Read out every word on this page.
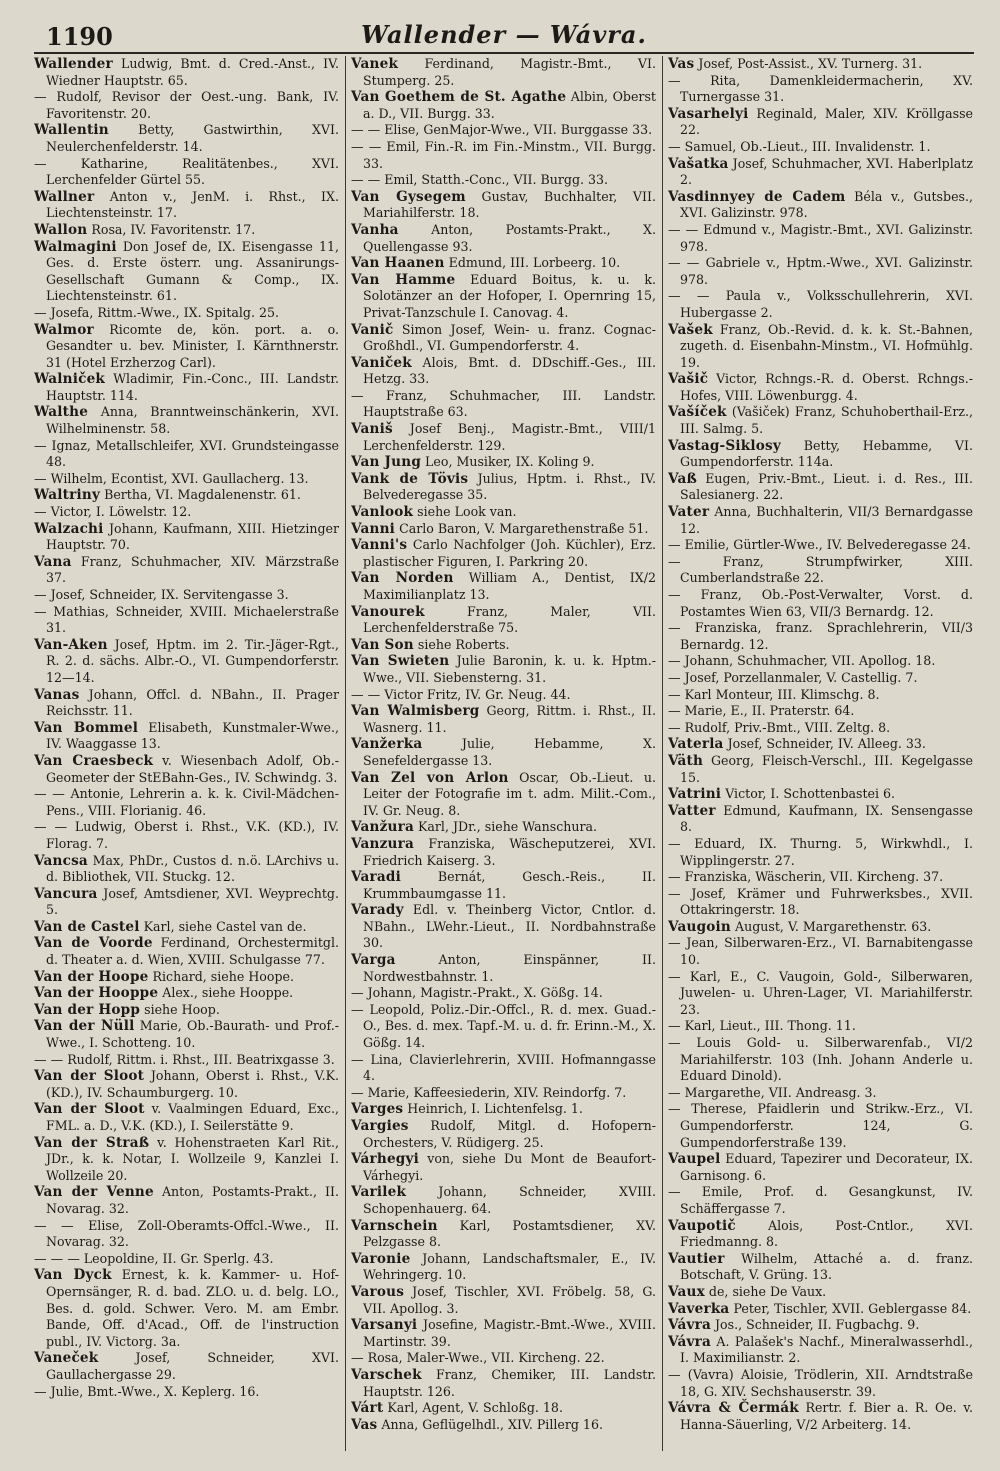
1190	Wallender — Wávra.

Wallender Ludwig, Bmt. d. Cred.-Anst., IV. Wiedner Hauptstr. 65.

— Rudolf, Revisor der Oest.-ung. Bank, IV. Favoritenstr. 20.

Wallentin Betty, Gastwirthin, XVI. Neulerchenfelderstr. 14.

— Katharine, Realitätenbes., XVI. Lerchenfelder Gürtel 55.

Wallner Anton v., JenM. i. Rhst., IX. Liechtensteinstr. 17.

Wallon Rosa, IV. Favoritenstr. 17.

Walmagini Don Josef de, IX. Eisengasse 11, Ges. d. Erste österr. ung. Assanirungs-Gesellschaft Gumann & Comp., IX. Liechtensteinstr. 61.

— Josefa, Rittm.-Wwe., IX. Spitalg. 25.

Walmor Ricomte de, kön. port. a. o. Gesandter u. bev. Minister, I. Kärnthnerstr. 31 (Hotel Erzherzog Carl).

Walniček Wladimir, Fin.-Conc., III. Landstr. Hauptstr. 114.

Walthe Anna, Branntweinschänkerin, XVI. Wilhelminenstr. 58.

— Ignaz, Metallschleifer, XVI. Grundsteingasse 48.

— Wilhelm, Econtist, XVI. Gaullacherg. 13.

Waltriny Bertha, VI. Magdalenenstr. 61.

— Victor, I. Löwelstr. 12.

Walzachi Johann, Kaufmann, XIII. Hietzinger Hauptstr. 70.

Vana Franz, Schuhmacher, XIV. Märzstraße 37.

— Josef, Schneider, IX. Servitengasse 3.

— Mathias, Schneider, XVIII. Michaelerstraße 31.

Van-Aken Josef, Hptm. im 2. Tir.-Jäger-Rgt., R. 2. d. sächs. Albr.-O., VI. Gumpendorferstr. 12—14.

Vanas Johann, Offcl. d. NBahn., II. Prager Reichsstr. 11.

Van Bommel Elisabeth, Kunstmaler-Wwe., IV. Waaggasse 13.

Van Craesbeck v. Wiesenbach Adolf, Ob.-Geometer der StEBahn-Ges., IV. Schwindg. 3.

— — Antonie, Lehrerin a. k. k. Civil-Mädchen-Pens., VIII. Florianig. 46.

— — Ludwig, Oberst i. Rhst., V.K. (KD.), IV. Florag. 7.

Vancsa Max, PhDr., Custos d. n.ö. LArchivs u. d. Bibliothek, VII. Stuckg. 12.

Vancura Josef, Amtsdiener, XVI. Weyprechtg. 5.

Van de Castel Karl, siehe Castel van de.

Van de Voorde Ferdinand, Orchestermitgl. d. Theater a. d. Wien, XVIII. Schulgasse 77.

Van der Hoope Richard, siehe Hoope.

Van der Hooppe Alex., siehe Hooppe.

Van der Hopp siehe Hoop.

Van der Nüll Marie, Ob.-Baurath- und Prof.-Wwe., I. Schotteng. 10.

— — Rudolf, Rittm. i. Rhst., III. Beatrixgasse 3.

Van der Sloot Johann, Oberst i. Rhst., V.K. (KD.), IV. Schaumburgerg. 10.

Van der Sloot v. Vaalmingen Eduard, Exc., FML. a. D., V.K. (KD.), I. Seilerstätte 9.

Van der Straß v. Hohenstraeten Karl Rit., JDr., k. k. Notar, I. Wollzeile 9, Kanzlei I. Wollzeile 20.

Van der Venne Anton, Postamts-Prakt., II. Novarag. 32.

— — Elise, Zoll-Oberamts-Offcl.-Wwe., II. Novarag. 32.

— — — Leopoldine, II. Gr. Sperlg. 43.

Van Dyck Ernest, k. k. Kammer- u. Hof-Opernsänger, R. d. bad. ZLO. u. d. belg. LO., Bes. d. gold. Schwer. Vero. M. am Embr. Bande, Off. d'Acad., Off. de l'instruction publ., IV. Victorg. 3a.

Vaneček	Josef, Schneider, XVI. Gaullachergasse 29.

— Julie, Bmt.-Wwe., X. Keplerg. 16.

Vanek Ferdinand, Magistr.-Bmt., VI. Stumperg. 25.

Van Goethem de St. Agathe Albin, Oberst a. D., VII. Burgg. 33.

— — Elise, GenMajor-Wwe., VII. Burggasse 33.

— — Emil, Fin.-R. im Fin.-Minstm., VII. Burgg. 33.

— — Emil, Statth.-Conc., VII. Burgg. 33.

Van Gysegem Gustav, Buchhalter, VII. Mariahilferstr. 18.

Vanha	Anton, Postamts-Prakt., X. Quellengasse 93.

Van Haanen Edmund, III. Lorbeerg. 10.

Van Hamme Eduard Boitus, k. u. k. Solotänzer an der Hofoper, I. Opernring 15, Privat-Tanzschule I. Canovag. 4.

Vanič Simon Josef, Wein- u. franz. Cognac-Großhdl., VI. Gumpendorferstr. 4.

Vaniček Alois, Bmt. d. DDschiff.-Ges., III. Hetzg. 33.

— Franz, Schuhmacher, III. Landstr. Hauptstraße 63.

Vaniš Josef Benj., Magistr.-Bmt., VIII/1 Lerchenfelderstr. 129.

Van Jung Leo, Musiker, IX. Koling 9.

Vank de Tövis Julius, Hptm. i. Rhst., IV. Belvederegasse 35.

Vanlook siehe Look van.

Vanni Carlo Baron, V. Margarethenstraße 51.

Vanni's Carlo Nachfolger (Joh. Küchler), Erz. plastischer Figuren, I. Parkring 20.

Van Norden William A., Dentist, IX/2 Maximilianplatz 13.

Vanourek	Franz, Maler, VII. Lerchenfelderstraße 75.

Van Son siehe Roberts.

Van Swieten Julie Baronin, k. u. k. Hptm.-Wwe., VII. Siebensterng. 31.

— — Victor Fritz, IV. Gr. Neug. 44.

Van Walmisberg Georg, Rittm. i. Rhst., II. Wasnerg. 11.

Vanžerka	Julie, Hebamme, X. Senefeldergasse 13.

Van Zel von Arlon Oscar, Ob.-Lieut. u. Leiter der Fotografie im t. adm. Milit.-Com., IV. Gr. Neug. 8.

Vanžura Karl, JDr., siehe Wanschura.

Vanzura Franziska, Wäscheputzerei, XVI. Friedrich Kaiserg. 3.

Varadi	Bernát, Gesch.-Reis., II. Krummbaumgasse 11.

Varady Edl. v. Theinberg Victor, Cntlor. d. NBahn., LWehr.-Lieut., II. Nordbahnstraße 30.

Varga	Anton, Einspänner, II. Nordwestbahnstr. 1.

— Johann, Magistr.-Prakt., X. Gößg. 14.

— Leopold, Poliz.-Dir.-Offcl., R. d. mex. Guad.-O., Bes. d. mex. Tapf.-M. u. d. fr. Erinn.-M., X. Gößg. 14.

— Lina, Clavierlehrerin, XVIII. Hofmanngasse 4.

— Marie, Kaffeesiederin, XIV. Reindorfg. 7.

Varges Heinrich, I. Lichtenfelsg. 1.

Vargies Rudolf, Mitgl. d. Hofopern-Orchesters, V. Rüdigerg. 25.

Várhegyi von, siehe Du Mont de Beaufort-Várhegyi.

Varilek	Johann, Schneider, XVIII. Schopenhauerg. 64.

Varnschein Karl, Postamtsdiener, XV. Pelzgasse 8.

Varonie Johann, Landschaftsmaler, E., IV. Wehringerg. 10.

Varous Josef, Tischler, XVI. Fröbelg. 58, G. VII. Apollog. 3.

Varsanyi Josefine, Magistr.-Bmt.-Wwe., XVIII. Martinstr. 39.

— Rosa, Maler-Wwe., VII. Kircheng. 22.

Varschek Franz, Chemiker, III. Landstr. Hauptstr. 126.

Várt Karl, Agent, V. Schloßg. 18.

Vas Anna, Geflügelhdl., XIV. Pillerg 16.

Vas Josef, Post-Assist., XV. Turnerg. 31.

— Rita, Damenkleidermacherin, XV. Turnergasse 31.

Vasarhelyi Reginald, Maler, XIV. Kröllgasse 22.

— Samuel, Ob.-Lieut., III. Invalidenstr. 1.

Vašatka Josef, Schuhmacher, XVI. Haberlplatz 2.

Vasdinnyey de Cadem Béla v., Gutsbes., XVI. Galizinstr. 978.

— — Edmund v., Magistr.-Bmt., XVI. Galizinstr. 978.

— — Gabriele v., Hptm.-Wwe., XVI. Galizinstr. 978.

— — Paula v., Volksschullehrerin, XVI. Hubergasse 2.

Vašek Franz, Ob.-Revid. d. k. k. St.-Bahnen, zugeth. d. Eisenbahn-Minstm., VI. Hofmühlg. 19.

Vašič Victor, Rchngs.-R. d. Oberst. Rchngs.-Hofes, VIII. Löwenburgg. 4.

Vašíček (Vašiček) Franz, Schuhoberthail-Erz., III. Salmg. 5.

Vastag-Siklosy Betty, Hebamme, VI. Gumpendorferstr. 114a.

Vaß Eugen, Priv.-Bmt., Lieut. i. d. Res., III. Salesianerg. 22.

Vater Anna, Buchhalterin, VII/3 Bernardgasse 12.

— Emilie, Gürtler-Wwe., IV. Belvederegasse 24.

— Franz, Strumpfwirker, XIII. Cumberlandstraße 22.

— Franz, Ob.-Post-Verwalter, Vorst. d. Postamtes Wien 63, VII/3 Bernardg. 12.

— Franziska, franz. Sprachlehrerin, VII/3 Bernardg. 12.

— Johann, Schuhmacher, VII. Apollog. 18.

— Josef, Porzellanmaler, V. Castellig. 7.

— Karl Monteur, III. Klimschg. 8.

— Marie, E., II. Praterstr. 64.

— Rudolf, Priv.-Bmt., VIII. Zeltg. 8.

Vaterla Josef, Schneider, IV. Alleeg. 33.

Väth Georg, Fleisch-Verschl., III. Kegelgasse 15.

Vatrini Victor, I. Schottenbastei 6.

Vatter Edmund, Kaufmann, IX. Sensengasse 8.

— Eduard, IX. Thurng. 5, Wirkwhdl., I. Wipplingerstr. 27.

— Franziska, Wäscherin, VII. Kircheng. 37.

— Josef, Krämer und Fuhrwerksbes., XVII. Ottakringerstr. 18.

Vaugoin August, V. Margarethenstr. 63.

— Jean, Silberwaren-Erz., VI. Barnabitengasse 10.

— Karl, E., C. Vaugoin, Gold-, Silberwaren, Juwelen- u. Uhren-Lager, VI. Mariahilferstr. 23.

— Karl, Lieut., III. Thong. 11.

— Louis Gold- u. Silberwarenfab., VI/2 Mariahilferstr. 103 (Inh. Johann Anderle u. Eduard Dinold).

— Margarethe, VII. Andreasg. 3.

— Therese, Pfaidlerin und Strikw.-Erz., VI. Gumpendorferstr. 124, G. Gumpendorferstraße 139.

Vaupel Eduard, Tapezirer und Decorateur, IX. Garnisong. 6.

— Emile, Prof. d. Gesangkunst, IV. Schäffergasse 7.

Vaupotič	Alois, Post-Cntlor., XVI. Friedmanng. 8.

Vautier Wilhelm, Attaché a. d. franz. Botschaft, V. Grüng. 13.

Vaux de, siehe De Vaux.

Vaverka Peter, Tischler, XVII. Geblergasse 84.

Vávra Jos., Schneider, II. Fugbachg. 9.

Vávra A. Palašek's Nachf., Mineralwasserhdl., I. Maximilianstr. 2.

— (Vavra) Aloisie, Trödlerin, XII. Arndtstraße 18, G. XIV. Sechshauserstr. 39.

Vávra & Čermák Rertr. f. Bier a. R. Oe. v. Hanna-Säuerling, V/2 Arbeiterg. 14.
